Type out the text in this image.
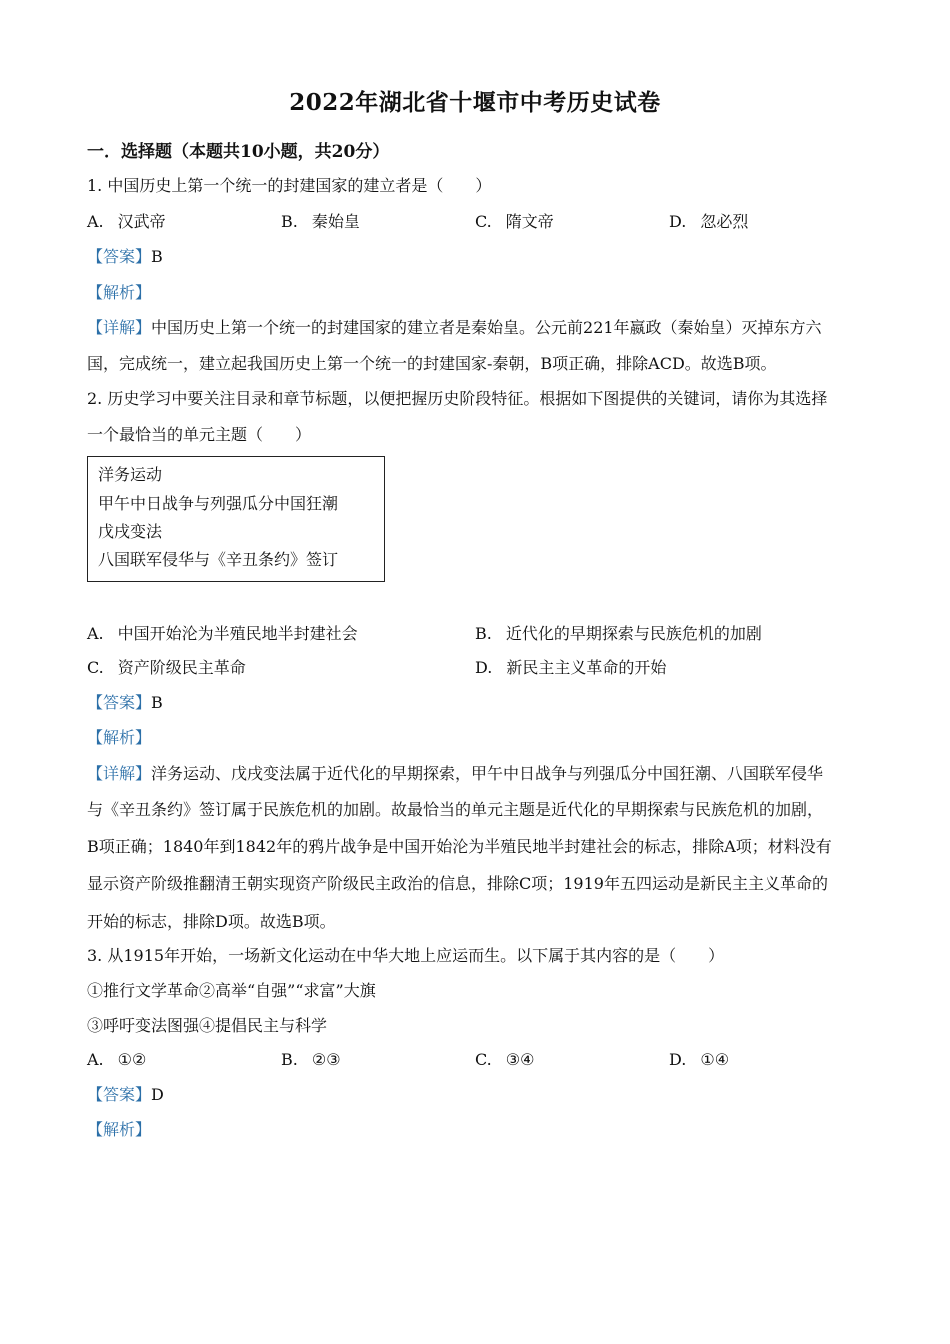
2022年湖北省十堰市中考历史试卷
一．选择题（本题共10小题，共20分）
1. 中国历史上第一个统一的封建国家的建立者是（　　）
A. 汉武帝	B. 秦始皇	C. 隋文帝	D. 忽必烈
【答案】B
【解析】
【详解】中国历史上第一个统一的封建国家的建立者是秦始皇。公元前221年嬴政（秦始皇）灭掉东方六
国，完成统一，建立起我国历史上第一个统一的封建国家-秦朝，B项正确，排除ACD。故选B项。
2. 历史学习中要关注目录和章节标题，以便把握历史阶段特征。根据如下图提供的关键词，请你为其选择
一个最恰当的单元主题（　　）
洋务运动
甲午中日战争与列强瓜分中国狂潮
戊戌变法
八国联军侵华与《辛丑条约》签订
A. 中国开始沦为半殖民地半封建社会	B. 近代化的早期探索与民族危机的加剧
C. 资产阶级民主革命	D. 新民主主义革命的开始
【答案】B
【解析】
【详解】洋务运动、戊戌变法属于近代化的早期探索，甲午中日战争与列强瓜分中国狂潮、八国联军侵华
与《辛丑条约》签订属于民族危机的加剧。故最恰当的单元主题是近代化的早期探索与民族危机的加剧，
B项正确；1840年到1842年的鸦片战争是中国开始沦为半殖民地半封建社会的标志，排除A项；材料没有
显示资产阶级推翻清王朝实现资产阶级民主政治的信息，排除C项；1919年五四运动是新民主主义革命的
开始的标志，排除D项。故选B项。
3. 从1915年开始，一场新文化运动在中华大地上应运而生。以下属于其内容的是（　　）
①推行文学革命②高举“自强”“求富”大旗
③呼吁变法图强④提倡民主与科学
A. ①②	B. ②③	C. ③④	D. ①④
【答案】D
【解析】
